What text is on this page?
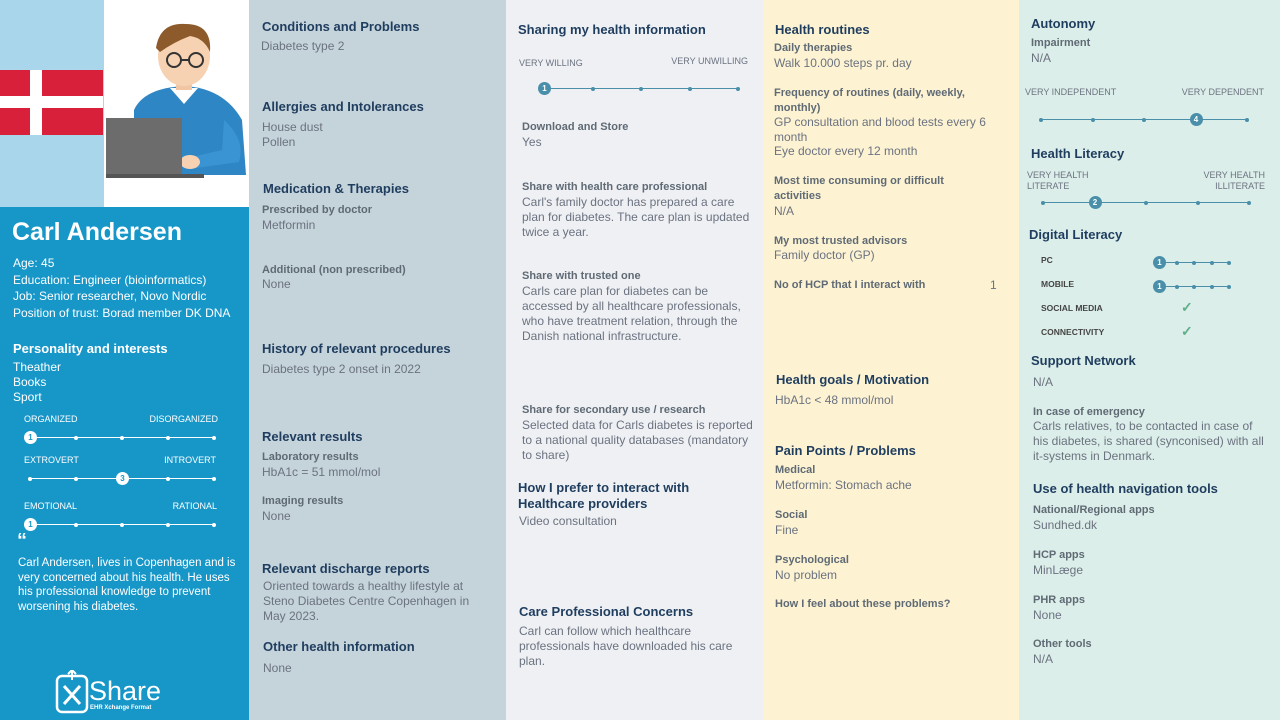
Carl Andersen
Age: 45
Education: Engineer (bioinformatics)
Job: Senior researcher, Novo Nordic
Position of trust: Borad member DK DNA
Personality and interests
Theather
Books
Sport
ORGANIZED	DISORGANIZED
1
EXTROVERT	INTROVERT
3
EMOTIONAL	RATIONAL
1
“
Carl Andersen, lives in Copenhagen and is very concerned about his health. He uses his professional knowledge to prevent worsening his diabetes.
Share
EHR Xchange Format
Conditions and Problems
Diabetes type 2
Allergies and Intolerances
House dust
Pollen
Medication & Therapies
Prescribed by doctor
Metformin
Additional (non prescribed)
None
History of relevant procedures
Diabetes type 2 onset in 2022
Relevant results
Laboratory results
HbA1c = 51 mmol/mol
Imaging results
None
Relevant discharge reports
Oriented towards a healthy lifestyle at Steno Diabetes Centre Copenhagen in May 2023.
Other health information
None
Sharing my health information
VERY WILLING	VERY UNWILLING
1
Download and Store
Yes
Share with health care professional
Carl's family doctor has prepared a care plan for diabetes. The care plan is updated twice a year.
Share with trusted one
Carls care plan for diabetes can be accessed by all healthcare professionals, who have treatment relation, through the Danish national infrastructure.
Share for secondary use / research
Selected data for Carls diabetes is reported to a national quality databases (mandatory to share)
How I prefer to interact with Healthcare providers
Video consultation
Care Professional Concerns
Carl can follow which healthcare professionals have downloaded his care plan.
Health routines
Daily therapies
Walk 10.000 steps pr. day
Frequency of routines (daily, weekly, monthly)
GP consultation and blood tests every 6 month
Eye doctor every 12 month
Most time consuming or difficult activities
N/A
My most trusted advisors
Family doctor (GP)
No of HCP that I interact with	1
Health goals / Motivation
HbA1c < 48 mmol/mol
Pain Points / Problems
Medical
Metformin: Stomach ache
Social
Fine
Psychological
No problem
How I feel about these problems?
Autonomy
Impairment
N/A
VERY INDEPENDENT	VERY DEPENDENT
4
Health Literacy
VERY HEALTH LITERATE
VERY HEALTH ILLITERATE
2
Digital Literacy
PC	1
MOBILE	1
SOCIAL MEDIA	✓
CONNECTIVITY	✓
Support Network
N/A
In case of emergency
Carls relatives, to be contacted in case of his diabetes, is shared (synconised) with all it-systems in Denmark.
Use of health navigation tools
National/Regional apps
Sundhed.dk
HCP apps
MinLæge
PHR apps
None
Other tools
N/A
